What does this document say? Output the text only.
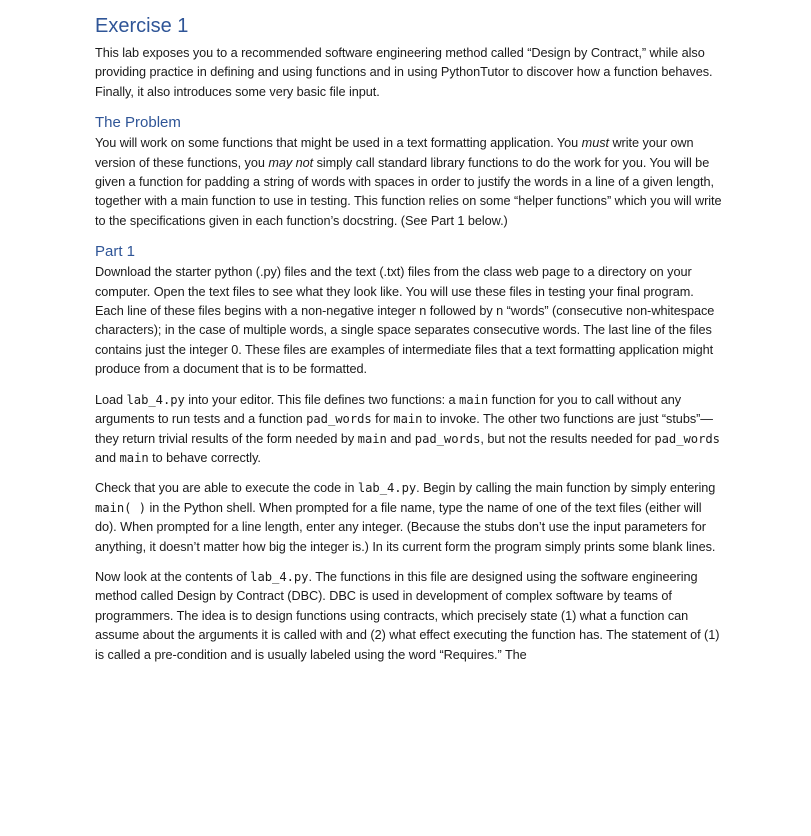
Exercise 1

This lab exposes you to a recommended software engineering method called “Design by Contract,” while also providing practice in defining and using functions and in using PythonTutor to discover how a function behaves. Finally, it also introduces some very basic file input.

The Problem

You will work on some functions that might be used in a text formatting application. You must write your own version of these functions, you may not simply call standard library functions to do the work for you. You will be given a function for padding a string of words with spaces in order to justify the words in a line of a given length, together with a main function to use in testing. This function relies on some “helper functions” which you will write to the specifications given in each function’s docstring. (See Part 1 below.)

Part 1

Download the starter python (.py) files and the text (.txt) files from the class web page to a directory on your computer. Open the text files to see what they look like. You will use these files in testing your final program. Each line of these files begins with a non-negative integer n followed by n “words” (consecutive non-whitespace characters); in the case of multiple words, a single space separates consecutive words. The last line of the files contains just the integer 0. These files are examples of intermediate files that a text formatting application might produce from a document that is to be formatted.

Load lab_4.py into your editor. This file defines two functions: a main function for you to call without any arguments to run tests and a function pad_words for main to invoke. The other two functions are just “stubs”—they return trivial results of the form needed by main and pad_words, but not the results needed for pad_words and main to behave correctly.

Check that you are able to execute the code in lab_4.py. Begin by calling the main function by simply entering main( ) in the Python shell. When prompted for a file name, type the name of one of the text files (either will do). When prompted for a line length, enter any integer. (Because the stubs don’t use the input parameters for anything, it doesn’t matter how big the integer is.) In its current form the program simply prints some blank lines.

Now look at the contents of lab_4.py. The functions in this file are designed using the software engineering method called Design by Contract (DBC). DBC is used in development of complex software by teams of programmers. The idea is to design functions using contracts, which precisely state (1) what a function can assume about the arguments it is called with and (2) what effect executing the function has. The statement of (1) is called a pre-condition and is usually labeled using the word “Requires.” The
